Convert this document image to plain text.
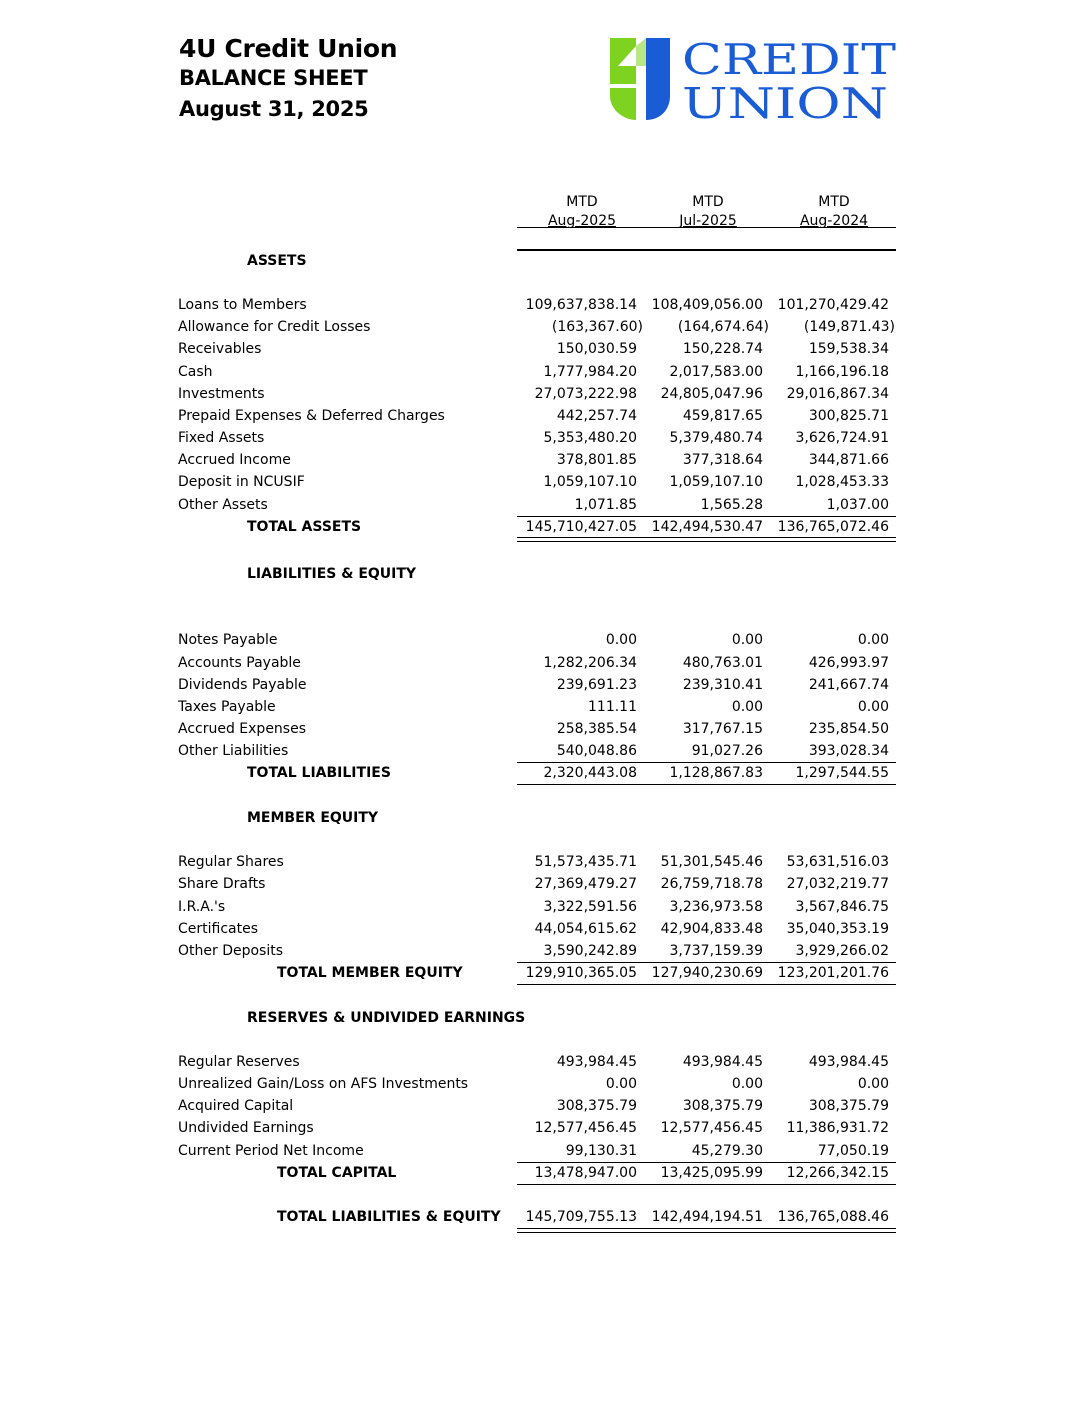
4U Credit Union
BALANCE SHEET
August 31, 2025
CREDIT
UNION
MTD	MTD	MTD
Aug-2025	Jul-2025	Aug-2024
ASSETS
Loans to Members	109,637,838.14	108,409,056.00	101,270,429.42
Allowance for Credit Losses	(163,367.60)	(164,674.64)	(149,871.43)
Receivables	150,030.59	150,228.74	159,538.34
Cash	1,777,984.20	2,017,583.00	1,166,196.18
Investments	27,073,222.98	24,805,047.96	29,016,867.34
Prepaid Expenses & Deferred Charges	442,257.74	459,817.65	300,825.71
Fixed Assets	5,353,480.20	5,379,480.74	3,626,724.91
Accrued Income	378,801.85	377,318.64	344,871.66
Deposit in NCUSIF	1,059,107.10	1,059,107.10	1,028,453.33
Other Assets	1,071.85	1,565.28	1,037.00
TOTAL ASSETS	145,710,427.05	142,494,530.47	136,765,072.46
LIABILITIES & EQUITY
Notes Payable	0.00	0.00	0.00
Accounts Payable	1,282,206.34	480,763.01	426,993.97
Dividends Payable	239,691.23	239,310.41	241,667.74
Taxes Payable	111.11	0.00	0.00
Accrued Expenses	258,385.54	317,767.15	235,854.50
Other Liabilities	540,048.86	91,027.26	393,028.34
TOTAL LIABILITIES	2,320,443.08	1,128,867.83	1,297,544.55
MEMBER EQUITY
Regular Shares	51,573,435.71	51,301,545.46	53,631,516.03
Share Drafts	27,369,479.27	26,759,718.78	27,032,219.77
I.R.A.'s	3,322,591.56	3,236,973.58	3,567,846.75
Certificates	44,054,615.62	42,904,833.48	35,040,353.19
Other Deposits	3,590,242.89	3,737,159.39	3,929,266.02
TOTAL MEMBER EQUITY	129,910,365.05	127,940,230.69	123,201,201.76
RESERVES & UNDIVIDED EARNINGS
Regular Reserves	493,984.45	493,984.45	493,984.45
Unrealized Gain/Loss on AFS Investments	0.00	0.00	0.00
Acquired Capital	308,375.79	308,375.79	308,375.79
Undivided Earnings	12,577,456.45	12,577,456.45	11,386,931.72
Current Period Net Income	99,130.31	45,279.30	77,050.19
TOTAL CAPITAL	13,478,947.00	13,425,095.99	12,266,342.15
TOTAL LIABILITIES & EQUITY	145,709,755.13	142,494,194.51	136,765,088.46
